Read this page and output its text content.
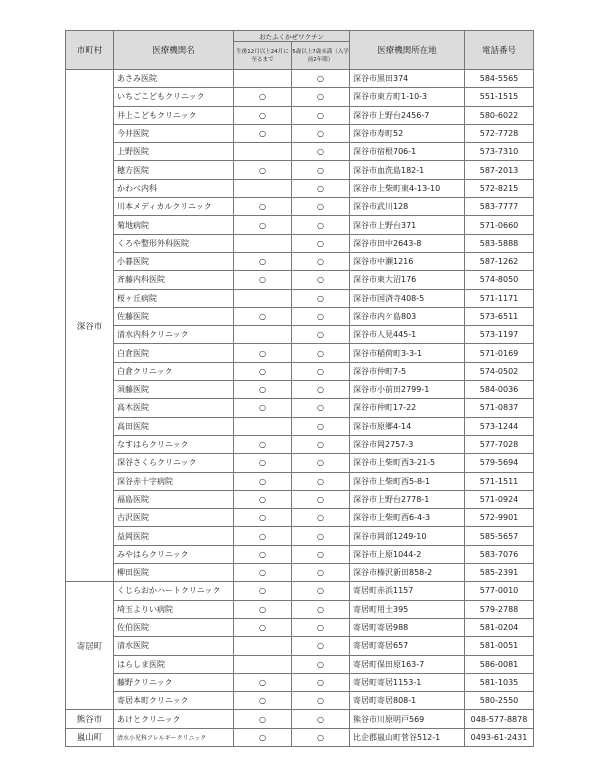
市町村	医療機関名	おたふくかぜワクチン		医療機関所在地	電話番号
		生後12月以上24月に至るまで	5歳以上7歳未満（入学前2年間）		
深谷市	あさみ医院		○	深谷市黒田374	584-5565
	いちごこどもクリニック	○	○	深谷市東方町1-10-3	551-1515
	井上こどもクリニック	○	○	深谷市上野台2456-7	580-6022
	今井医院	○	○	深谷市寿町52	572-7728
	上野医院		○	深谷市宿根706-1	573-7310
	穂方医院	○	○	深谷市血洗島182-1	587-2013
	かわべ内科		○	深谷市上柴町東4-13-10	572-8215
	川本メディカルクリニック	○	○	深谷市武川128	583-7777
	菊地病院	○	○	深谷市上野台371	571-0660
	くろや整形外科医院		○	深谷市田中2643-8	583-5888
	小暮医院	○	○	深谷市中瀬1216	587-1262
	斉藤内科医院	○	○	深谷市東大沼176	574-8050
	桜ヶ丘病院		○	深谷市国済寺408-5	571-1171
	佐藤医院	○	○	深谷市内ケ島803	573-6511
	清水内科クリニック		○	深谷市人見445-1	573-1197
	白倉医院	○	○	深谷市稲荷町3-3-1	571-0169
	白倉クリニック	○	○	深谷市仲町7-5	574-0502
	須藤医院	○	○	深谷市小前田2799-1	584-0036
	高木医院	○	○	深谷市仲町17-22	571-0837
	高田医院		○	深谷市原郷4-14	573-1244
	なすはらクリニック	○	○	深谷市岡2757-3	577-7028
	深谷さくらクリニック	○	○	深谷市上柴町西3-21-5	579-5694
	深谷赤十字病院	○	○	深谷市上柴町西5-8-1	571-1511
	福島医院	○	○	深谷市上野台2778-1	571-0924
	古沢医院	○	○	深谷市上柴町西6-4-3	572-9901
	益岡医院	○	○	深谷市岡部1249-10	585-5657
	みやはらクリニック	○	○	深谷市上原1044-2	583-7076
	柳田医院	○	○	深谷市榛沢新田858-2	585-2391
寄居町	くじらおかハートクリニック	○	○	寄居町赤浜1157	577-0010
	埼玉よりい病院	○	○	寄居町用土395	579-2788
	佐伯医院	○	○	寄居町寄居988	581-0204
	清水医院		○	寄居町寄居657	581-0051
	はらしま医院		○	寄居町保田原163-7	586-0081
	藤野クリニック	○	○	寄居町寄居1153-1	581-1035
	寄居本町クリニック	○	○	寄居町寄居808-1	580-2550
熊谷市	あけとクリニック	○	○	熊谷市川原明戸569	048-577-8878
嵐山町	清水小児科アレルギークリニック	○	○	比企郡嵐山町菅谷512-1	0493-61-2431
